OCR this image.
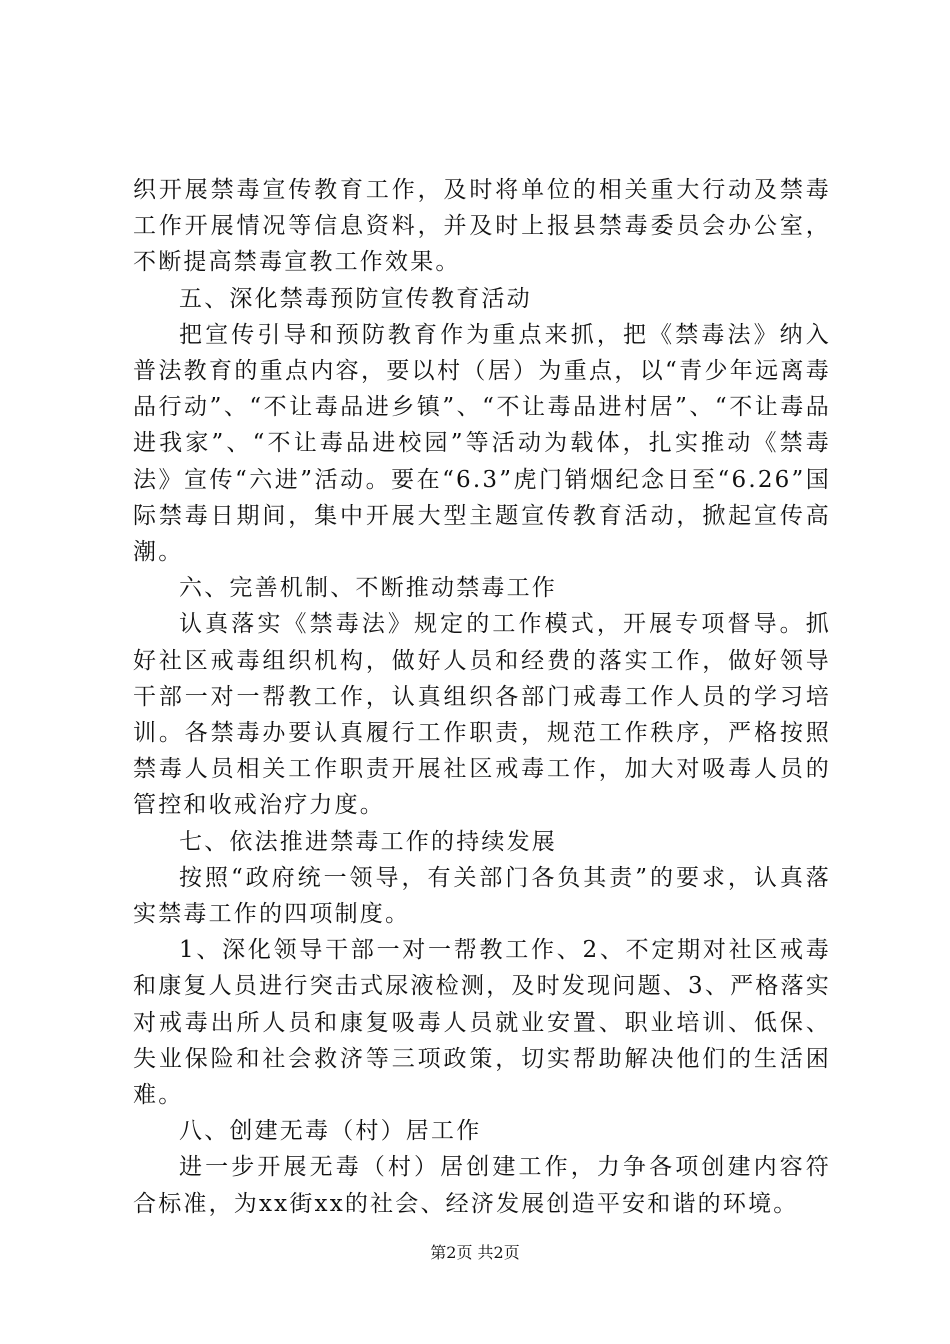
织开展禁毒宣传教育工作，及时将单位的相关重大行动及禁毒工作开展情况等信息资料，并及时上报县禁毒委员会办公室，不断提高禁毒宣教工作效果。

五、深化禁毒预防宣传教育活动

把宣传引导和预防教育作为重点来抓，把《禁毒法》纳入普法教育的重点内容，要以村（居）为重点，以“青少年远离毒品行动”、“不让毒品进乡镇”、“不让毒品进村居”、“不让毒品进我家”、“不让毒品进校园”等活动为载体，扎实推动《禁毒法》宣传“六进”活动。要在“6.3”虎门销烟纪念日至“6.26”国际禁毒日期间，集中开展大型主题宣传教育活动，掀起宣传高潮。

六、完善机制、不断推动禁毒工作

认真落实《禁毒法》规定的工作模式，开展专项督导。抓好社区戒毒组织机构，做好人员和经费的落实工作，做好领导干部一对一帮教工作，认真组织各部门戒毒工作人员的学习培训。各禁毒办要认真履行工作职责，规范工作秩序，严格按照禁毒人员相关工作职责开展社区戒毒工作，加大对吸毒人员的管控和收戒治疗力度。

七、依法推进禁毒工作的持续发展

按照“政府统一领导，有关部门各负其责”的要求，认真落实禁毒工作的四项制度。

1、深化领导干部一对一帮教工作、2、不定期对社区戒毒和康复人员进行突击式尿液检测，及时发现问题、3、严格落实对戒毒出所人员和康复吸毒人员就业安置、职业培训、低保、失业保险和社会救济等三项政策，切实帮助解决他们的生活困难。

八、创建无毒（村）居工作

进一步开展无毒（村）居创建工作，力争各项创建内容符合标准，为xx街xx的社会、经济发展创造平安和谐的环境。

第2页 共2页
